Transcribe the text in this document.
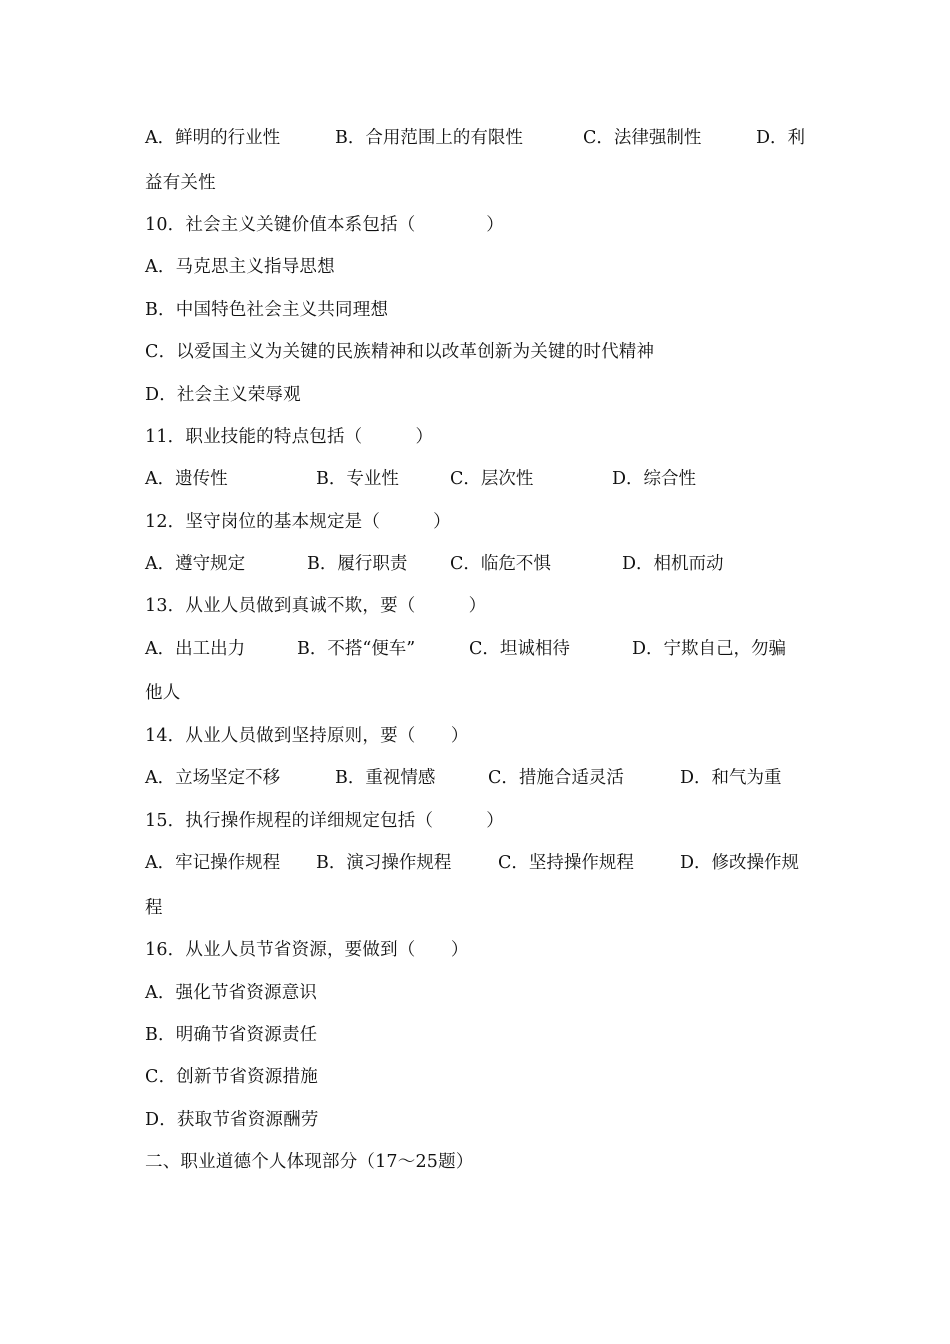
A．鲜明的行业性	B．合用范围上的有限性	C．法律强制性	D．利
益有关性
10．社会主义关键价值本系包括（　　　　）
A．马克思主义指导思想
B．中国特色社会主义共同理想
C．以爱国主义为关键的民族精神和以改革创新为关键的时代精神
D．社会主义荣辱观
11．职业技能的特点包括（　　　）
A．遗传性	B．专业性	C．层次性	D．综合性
12．坚守岗位的基本规定是（　　　）
A．遵守规定	B．履行职责 C．临危不惧	D．相机而动
13．从业人员做到真诚不欺，要（　　　）
A．出工出力	B．不搭“便车”	C．坦诚相待	D．宁欺自己，勿骗
他人
14．从业人员做到坚持原则，要（　　）
A．立场坚定不移	B．重视情感	C．措施合适灵活	D．和气为重
15．执行操作规程的详细规定包括（　　　）
A．牢记操作规程 B．演习操作规程	C．坚持操作规程	D．修改操作规
程
16．从业人员节省资源，要做到（　　）
A．强化节省资源意识
B．明确节省资源责任
C．创新节省资源措施
D．获取节省资源酬劳
二、职业道德个人体现部分（17～25题）
